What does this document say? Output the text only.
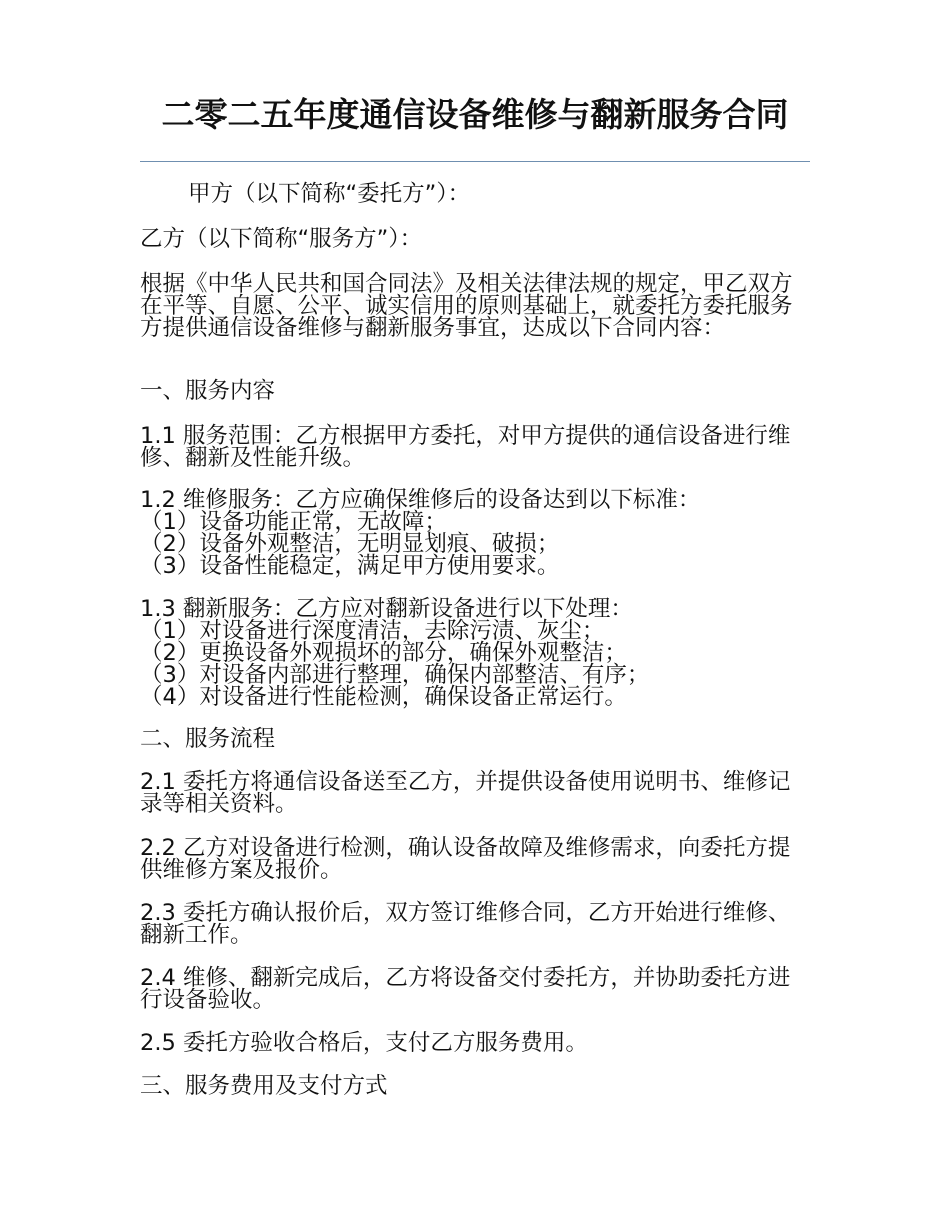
二零二五年度通信设备维修与翻新服务合同

甲方（以下简称“委托方”）：

乙方（以下简称“服务方”）：

根据《中华人民共和国合同法》及相关法律法规的规定，甲乙双方在平等、自愿、公平、诚实信用的原则基础上，就委托方委托服务方提供通信设备维修与翻新服务事宜，达成以下合同内容：

一、服务内容

1.1 服务范围：乙方根据甲方委托，对甲方提供的通信设备进行维修、翻新及性能升级。

1.2 维修服务：乙方应确保维修后的设备达到以下标准：
（1）设备功能正常，无故障；
（2）设备外观整洁，无明显划痕、破损；
（3）设备性能稳定，满足甲方使用要求。
1.3 翻新服务：乙方应对翻新设备进行以下处理：
（1）对设备进行深度清洁，去除污渍、灰尘；
（2）更换设备外观损坏的部分，确保外观整洁；
（3）对设备内部进行整理，确保内部整洁、有序；
（4）对设备进行性能检测，确保设备正常运行。

二、服务流程

2.1 委托方将通信设备送至乙方，并提供设备使用说明书、维修记录等相关资料。

2.2 乙方对设备进行检测，确认设备故障及维修需求，向委托方提供维修方案及报价。

2.3 委托方确认报价后，双方签订维修合同，乙方开始进行维修、翻新工作。

2.4 维修、翻新完成后，乙方将设备交付委托方，并协助委托方进行设备验收。

2.5 委托方验收合格后，支付乙方服务费用。

三、服务费用及支付方式
